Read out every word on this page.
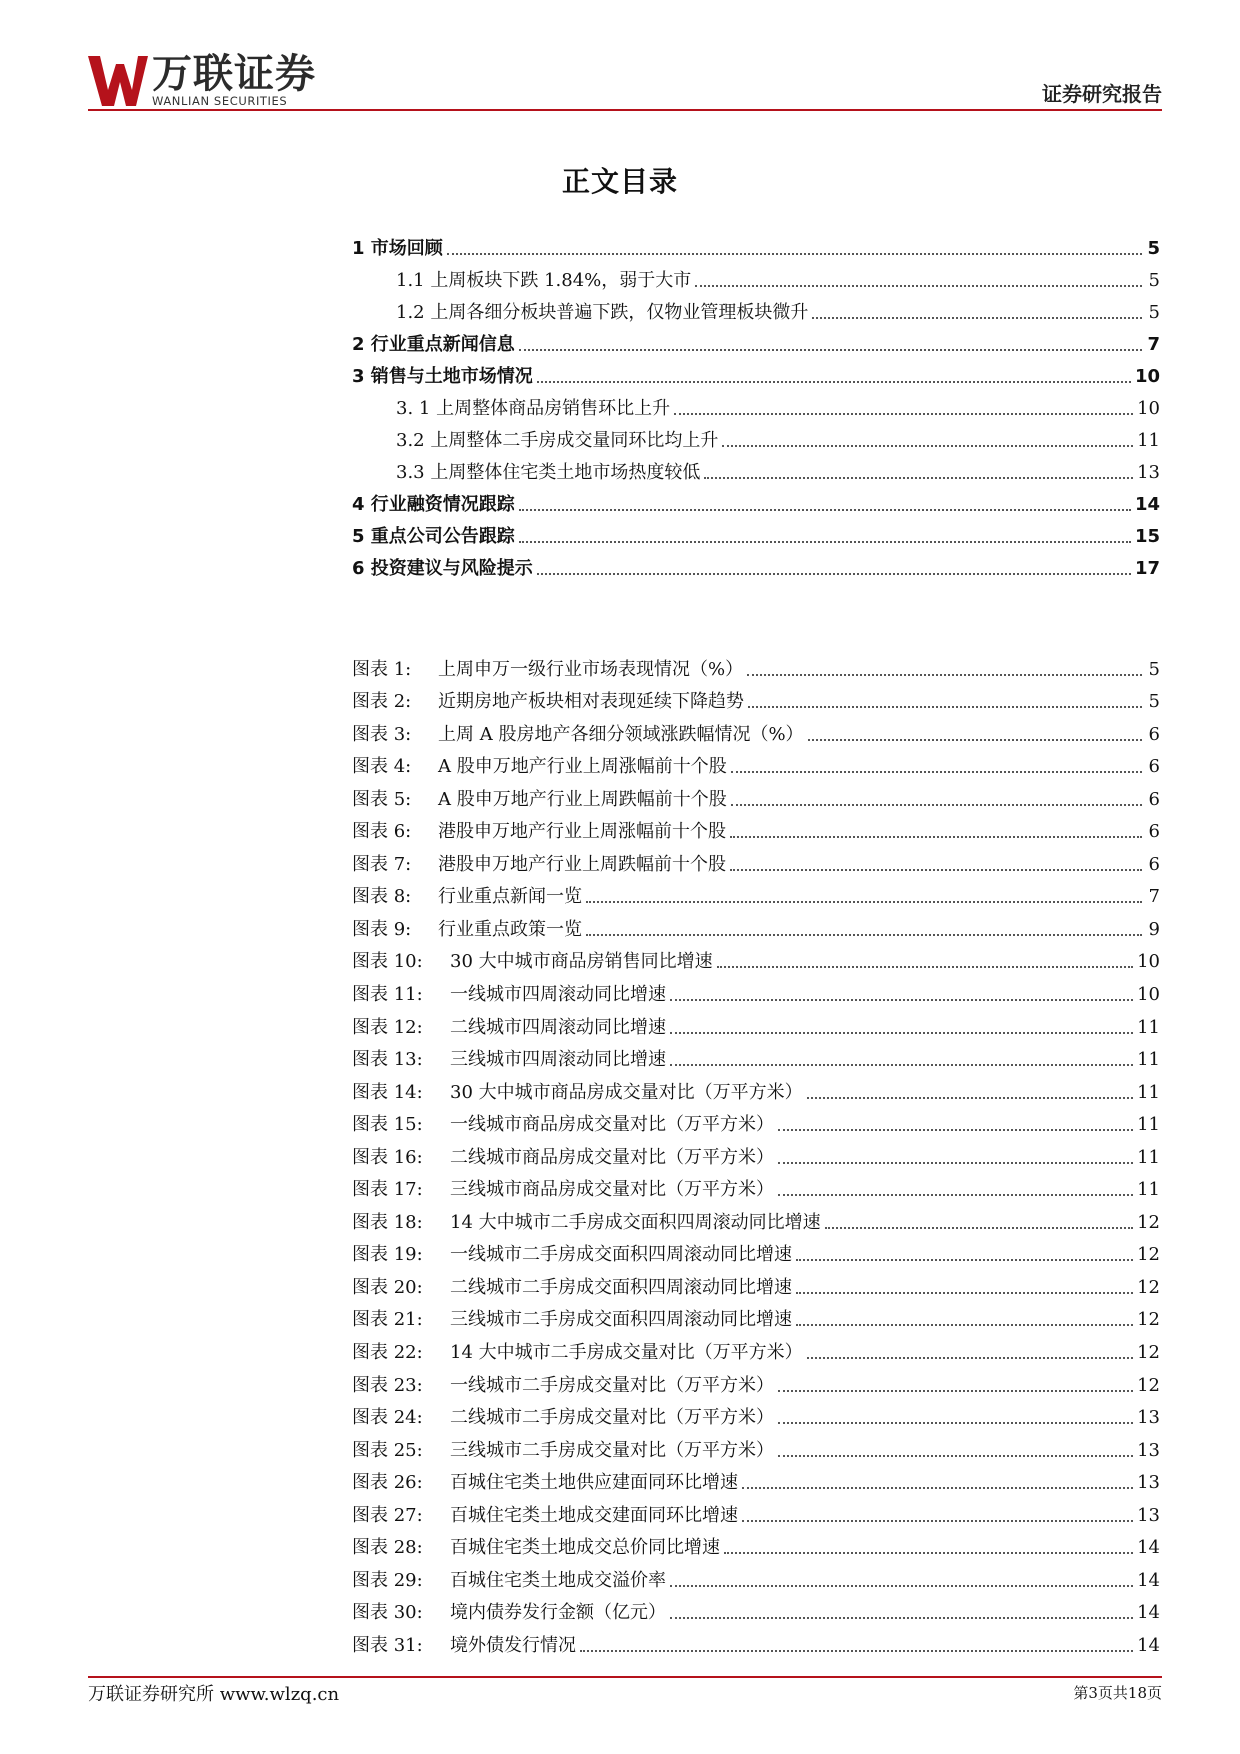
万联证券
WANLIAN SECURITIES	证券研究报告
正文目录
1 市场回顾	5
1.1 上周板块下跌 1.84%，弱于大市	5
1.2 上周各细分板块普遍下跌，仅物业管理板块微升	5
2 行业重点新闻信息	7
3 销售与土地市场情况	10
3. 1 上周整体商品房销售环比上升	10
3.2 上周整体二手房成交量同环比均上升	11
3.3 上周整体住宅类土地市场热度较低	13
4 行业融资情况跟踪	14
5 重点公司公告跟踪	15
6 投资建议与风险提示	17
图表 1:	上周申万一级行业市场表现情况（%）	5
图表 2:	近期房地产板块相对表现延续下降趋势	5
图表 3:	上周 A 股房地产各细分领域涨跌幅情况（%）	6
图表 4:	A 股申万地产行业上周涨幅前十个股	6
图表 5:	A 股申万地产行业上周跌幅前十个股	6
图表 6:	港股申万地产行业上周涨幅前十个股	6
图表 7:	港股申万地产行业上周跌幅前十个股	6
图表 8:	行业重点新闻一览	7
图表 9:	行业重点政策一览	9
图表 10:	30 大中城市商品房销售同比增速	10
图表 11:	一线城市四周滚动同比增速	10
图表 12:	二线城市四周滚动同比增速	11
图表 13:	三线城市四周滚动同比增速	11
图表 14:	30 大中城市商品房成交量对比（万平方米）	11
图表 15:	一线城市商品房成交量对比（万平方米）	11
图表 16:	二线城市商品房成交量对比（万平方米）	11
图表 17:	三线城市商品房成交量对比（万平方米）	11
图表 18:	14 大中城市二手房成交面积四周滚动同比增速	12
图表 19:	一线城市二手房成交面积四周滚动同比增速	12
图表 20:	二线城市二手房成交面积四周滚动同比增速	12
图表 21:	三线城市二手房成交面积四周滚动同比增速	12
图表 22:	14 大中城市二手房成交量对比（万平方米）	12
图表 23:	一线城市二手房成交量对比（万平方米）	12
图表 24:	二线城市二手房成交量对比（万平方米）	13
图表 25:	三线城市二手房成交量对比（万平方米）	13
图表 26:	百城住宅类土地供应建面同环比增速	13
图表 27:	百城住宅类土地成交建面同环比增速	13
图表 28:	百城住宅类土地成交总价同比增速	14
图表 29:	百城住宅类土地成交溢价率	14
图表 30:	境内债券发行金额（亿元）	14
图表 31:	境外债发行情况	14
万联证券研究所 www.wlzq.cn	第3页共18页
